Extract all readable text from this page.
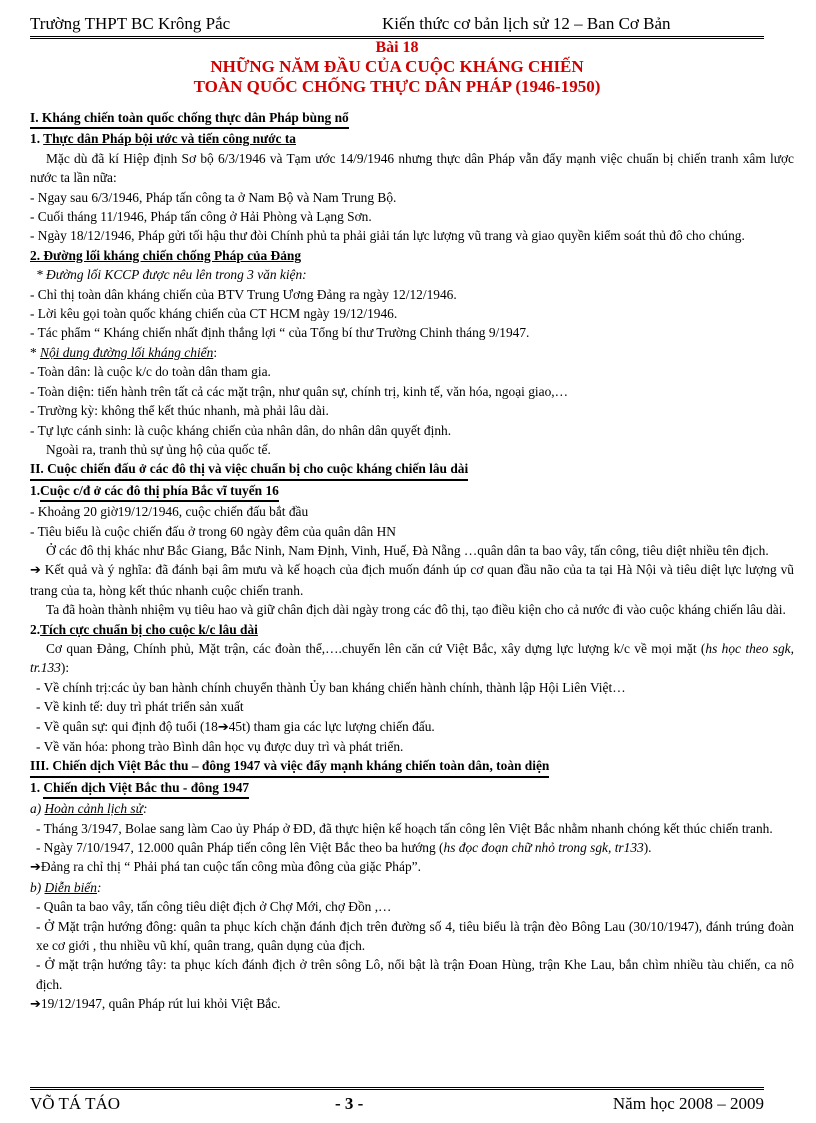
Trường THPT BC Krông Pắc	Kiến thức cơ bản lịch sử 12 – Ban Cơ Bản
Bài 18
NHỮNG NĂM ĐẦU CỦA CUỘC KHÁNG CHIẾN
TOÀN QUỐC CHỐNG THỰC DÂN PHÁP (1946-1950)

I. Kháng chiến toàn quốc chống thực dân Pháp bùng nổ

1. Thực dân Pháp bội ước và tiến công nước ta

Mặc dù đã kí Hiệp định Sơ bộ 6/3/1946 và Tạm ước 14/9/1946 nhưng thực dân Pháp vẫn đẩy mạnh việc chuẩn bị chiến tranh xâm lược nước ta lần nữa:

- Ngay sau 6/3/1946, Pháp tấn công ta ở Nam Bộ và Nam Trung Bộ.

- Cuối tháng 11/1946, Pháp tấn công ở Hải Phòng và Lạng Sơn.

- Ngày 18/12/1946, Pháp gửi tối hậu thư đòi Chính phủ ta phải giải tán lực lượng vũ trang và giao quyền kiểm soát thủ đô cho chúng.

2. Đường lối kháng chiến chống Pháp của Đảng

* Đường lối KCCP được nêu lên trong 3 văn kiện:

- Chỉ thị toàn dân kháng chiến của BTV Trung Ương Đảng ra ngày 12/12/1946.

- Lời kêu gọi toàn quốc kháng chiến của CT HCM ngày 19/12/1946.

- Tác phẩm “ Kháng chiến nhất định thắng lợi “ của Tổng bí thư Trường Chinh tháng 9/1947.

* Nội dung đường lối kháng chiến:

- Toàn dân: là cuộc k/c do toàn dân tham gia.

- Toàn diện: tiến hành trên tất cả các mặt trận, như quân sự, chính trị, kinh tế, văn hóa, ngoại giao,…

- Trường kỳ: không thể kết thúc nhanh, mà phải lâu dài.

- Tự lực cánh sinh: là cuộc kháng chiến của nhân dân, do nhân dân quyết định.

Ngoài ra, tranh thủ sự ủng hộ của quốc tế.

II. Cuộc chiến đấu ở các đô thị và việc chuẩn bị cho cuộc kháng chiến lâu dài

1.Cuộc c/đ ở các đô thị phía Bắc vĩ tuyến 16

- Khoảng 20 giờ19/12/1946, cuộc chiến đấu bắt đầu

- Tiêu biểu là cuộc chiến đấu ở trong 60 ngày đêm của quân dân HN

Ở các đô thị khác như Bắc Giang, Bắc Ninh, Nam Định, Vinh, Huế, Đà Nẵng …quân dân ta bao vây, tấn công, tiêu diệt nhiều tên địch.

➔ Kết quả và ý nghĩa: đã đánh bại âm mưu và kế hoạch của địch muốn đánh úp cơ quan đầu não của ta tại Hà Nội và tiêu diệt lực lượng vũ trang của ta, hòng kết thúc nhanh cuộc chiến tranh.

Ta đã hoàn thành nhiệm vụ tiêu hao và giữ chân địch dài ngày trong các đô thị, tạo điều kiện cho cả nước đi vào cuộc kháng chiến lâu dài.

2.Tích cực chuẩn bị cho cuộc k/c lâu dài

Cơ quan Đảng, Chính phủ, Mặt trận, các đoàn thể,….chuyển lên căn cứ Việt Bắc, xây dựng lực lượng k/c về mọi mặt (hs học theo sgk, tr.133):

- Về chính trị:các ủy ban hành chính chuyển thành Ủy ban kháng chiến hành chính, thành lập Hội Liên Việt…

- Về kinh tế: duy trì phát triển sản xuất

- Về quân sự: qui định độ tuổi (18➔45t) tham gia các lực lượng chiến đấu.

- Về văn hóa: phong trào Bình dân học vụ được duy trì và phát triển.

III. Chiến dịch Việt Bắc thu – đông 1947 và việc đẩy mạnh kháng chiến toàn dân, toàn diện

1. Chiến dịch Việt Bắc thu - đông 1947

a) Hoàn cảnh lịch sử:

- Tháng 3/1947, Bolae sang làm Cao ủy Pháp ở ĐD, đã thực hiện kế hoạch tấn công lên Việt Bắc nhằm nhanh chóng kết thúc chiến tranh.

- Ngày 7/10/1947, 12.000 quân Pháp tiến công lên Việt Bắc theo ba hướng (hs đọc đoạn chữ nhỏ trong sgk, tr133).

➔Đảng ra chỉ thị “ Phải phá tan cuộc tấn công mùa đông của giặc Pháp”.

b) Diễn biến:

- Quân ta bao vây, tấn công tiêu diệt địch ở Chợ Mới, chợ Đồn ,…

- Ở Mặt trận hướng đông: quân ta phục kích chặn đánh địch trên đường số 4, tiêu biểu là trận đèo Bông Lau (30/10/1947), đánh trúng đoàn xe cơ giới , thu nhiều vũ khí, quân trang, quân dụng của địch.

- Ở mặt trận hướng tây: ta phục kích đánh địch ở trên sông Lô, nổi bật là trận Đoan Hùng, trận Khe Lau, bắn chìm nhiều tàu chiến, ca nô địch.

➔19/12/1947, quân Pháp rút lui khỏi Việt Bắc.

VÕ TÁ TÁO	- 3 -	Năm học 2008 – 2009
